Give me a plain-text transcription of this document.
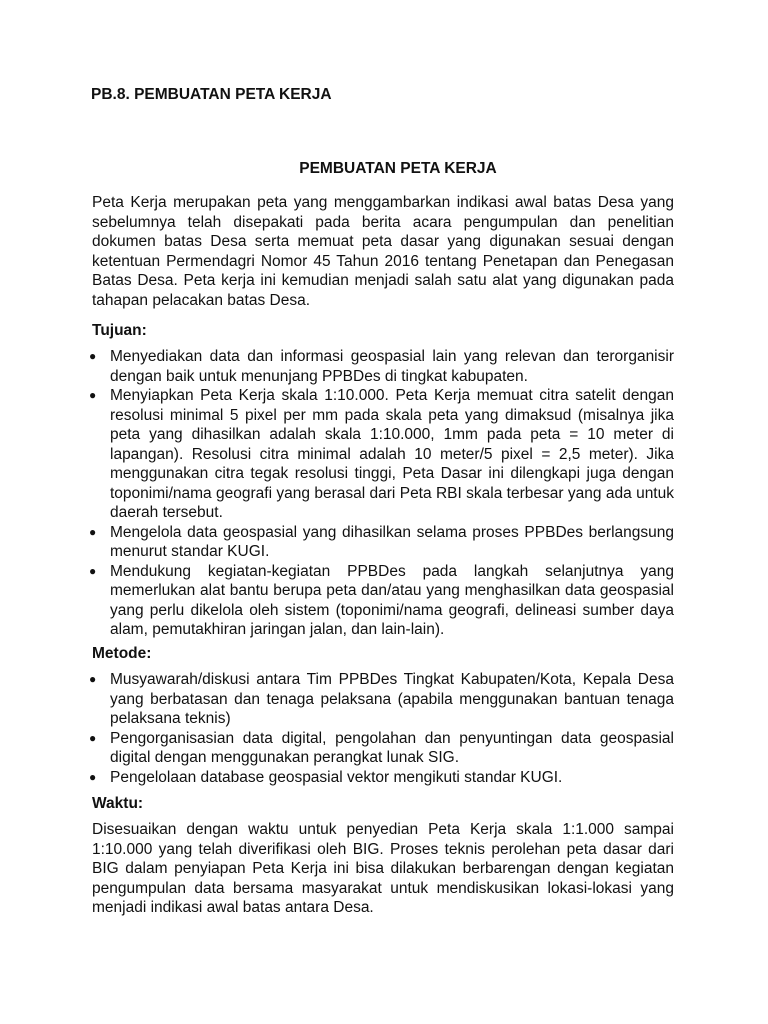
PB.8. PEMBUATAN PETA KERJA
PEMBUATAN PETA KERJA

Peta Kerja merupakan peta yang menggambarkan indikasi awal batas Desa yang sebelumnya telah disepakati pada berita acara pengumpulan dan penelitian dokumen batas Desa serta memuat peta dasar yang digunakan sesuai dengan ketentuan Permendagri Nomor 45 Tahun 2016 tentang Penetapan dan Penegasan Batas Desa. Peta kerja ini kemudian menjadi salah satu alat yang digunakan pada tahapan pelacakan batas Desa.

Tujuan:
● Menyediakan data dan informasi geospasial lain yang relevan dan terorganisir dengan baik untuk menunjang PPBDes di tingkat kabupaten.
● Menyiapkan Peta Kerja skala 1:10.000. Peta Kerja memuat citra satelit dengan resolusi minimal 5 pixel per mm pada skala peta yang dimaksud (misalnya jika peta yang dihasilkan adalah skala 1:10.000, 1mm pada peta = 10 meter di lapangan). Resolusi citra minimal adalah 10 meter/5 pixel = 2,5 meter). Jika menggunakan citra tegak resolusi tinggi, Peta Dasar ini dilengkapi juga dengan toponimi/nama geografi yang berasal dari Peta RBI skala terbesar yang ada untuk daerah tersebut.
● Mengelola data geospasial yang dihasilkan selama proses PPBDes berlangsung menurut standar KUGI.
● Mendukung kegiatan-kegiatan PPBDes pada langkah selanjutnya yang memerlukan alat bantu berupa peta dan/atau yang menghasilkan data geospasial yang perlu dikelola oleh sistem (toponimi/nama geografi, delineasi sumber daya alam, pemutakhiran jaringan jalan, dan lain-lain).
Metode:
● Musyawarah/diskusi antara Tim PPBDes Tingkat Kabupaten/Kota, Kepala Desa yang berbatasan dan tenaga pelaksana (apabila menggunakan bantuan tenaga pelaksana teknis)
● Pengorganisasian data digital, pengolahan dan penyuntingan data geospasial digital dengan menggunakan perangkat lunak SIG.
● Pengelolaan database geospasial vektor mengikuti standar KUGI.
Waktu:

Disesuaikan dengan waktu untuk penyedian Peta Kerja skala 1:1.000 sampai 1:10.000 yang telah diverifikasi oleh BIG. Proses teknis perolehan peta dasar dari BIG dalam penyiapan Peta Kerja ini bisa dilakukan berbarengan dengan kegiatan pengumpulan data bersama masyarakat untuk mendiskusikan lokasi-lokasi yang menjadi indikasi awal batas antara Desa.
